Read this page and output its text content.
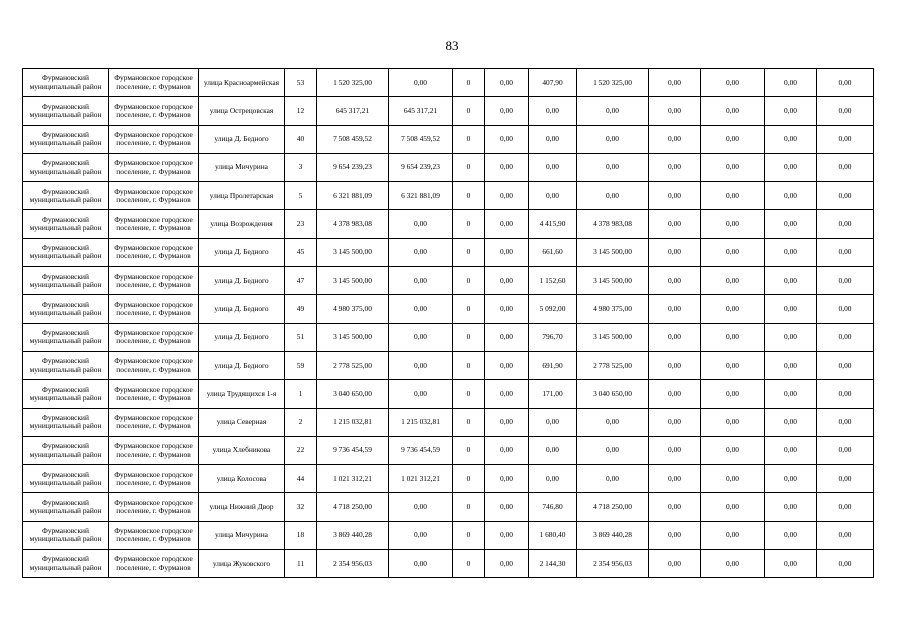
83
Фурмановский муниципальный район	Фурмановское городское поселение, г. Фурманов	улица Красноармейская	53	1 520 325,00	0,00	0	0,00	407,90	1 520 325,00	0,00	0,00	0,00	0,00
Фурмановский муниципальный район	Фурмановское городское поселение, г. Фурманов	улица Острецовская	12	645 317,21	645 317,21	0	0,00	0,00	0,00	0,00	0,00	0,00	0,00
Фурмановский муниципальный район	Фурмановское городское поселение, г. Фурманов	улица Д. Бедного	40	7 508 459,52	7 508 459,52	0	0,00	0,00	0,00	0,00	0,00	0,00	0,00
Фурмановский муниципальный район	Фурмановское городское поселение, г. Фурманов	улица Мичурина	3	9 654 239,23	9 654 239,23	0	0,00	0,00	0,00	0,00	0,00	0,00	0,00
Фурмановский муниципальный район	Фурмановское городское поселение, г. Фурманов	улица Пролетарская	5	6 321 881,09	6 321 881,09	0	0,00	0,00	0,00	0,00	0,00	0,00	0,00
Фурмановский муниципальный район	Фурмановское городское поселение, г. Фурманов	улица Возрождения	23	4 378 983,08	0,00	0	0,00	4 415,90	4 378 983,08	0,00	0,00	0,00	0,00
Фурмановский муниципальный район	Фурмановское городское поселение, г. Фурманов	улица Д. Бедного	45	3 145 500,00	0,00	0	0,00	661,60	3 145 500,00	0,00	0,00	0,00	0,00
Фурмановский муниципальный район	Фурмановское городское поселение, г. Фурманов	улица Д. Бедного	47	3 145 500,00	0,00	0	0,00	1 152,60	3 145 500,00	0,00	0,00	0,00	0,00
Фурмановский муниципальный район	Фурмановское городское поселение, г. Фурманов	улица Д. Бедного	49	4 980 375,00	0,00	0	0,00	5 092,00	4 980 375,00	0,00	0,00	0,00	0,00
Фурмановский муниципальный район	Фурмановское городское поселение, г. Фурманов	улица Д. Бедного	51	3 145 500,00	0,00	0	0,00	796,70	3 145 500,00	0,00	0,00	0,00	0,00
Фурмановский муниципальный район	Фурмановское городское поселение, г. Фурманов	улица Д. Бедного	59	2 778 525,00	0,00	0	0,00	691,90	2 778 525,00	0,00	0,00	0,00	0,00
Фурмановский муниципальный район	Фурмановское городское поселение, г. Фурманов	улица Трудящихся 1-я	1	3 040 650,00	0,00	0	0,00	171,00	3 040 650,00	0,00	0,00	0,00	0,00
Фурмановский муниципальный район	Фурмановское городское поселение, г. Фурманов	улица Северная	2	1 215 032,81	1 215 032,81	0	0,00	0,00	0,00	0,00	0,00	0,00	0,00
Фурмановский муниципальный район	Фурмановское городское поселение, г. Фурманов	улица Хлебникова	22	9 736 454,59	9 736 454,59	0	0,00	0,00	0,00	0,00	0,00	0,00	0,00
Фурмановский муниципальный район	Фурмановское городское поселение, г. Фурманов	улица Колосова	44	1 021 312,21	1 021 312,21	0	0,00	0,00	0,00	0,00	0,00	0,00	0,00
Фурмановский муниципальный район	Фурмановское городское поселение, г. Фурманов	улица Нижний Двор	32	4 718 250,00	0,00	0	0,00	746,80	4 718 250,00	0,00	0,00	0,00	0,00
Фурмановский муниципальный район	Фурмановское городское поселение, г. Фурманов	улица Мичурина	18	3 869 440,28	0,00	0	0,00	1 680,40	3 869 440,28	0,00	0,00	0,00	0,00
Фурмановский муниципальный район	Фурмановское городское поселение, г. Фурманов	улица Жуковского	11	2 354 956,03	0,00	0	0,00	2 144,30	2 354 956,03	0,00	0,00	0,00	0,00
